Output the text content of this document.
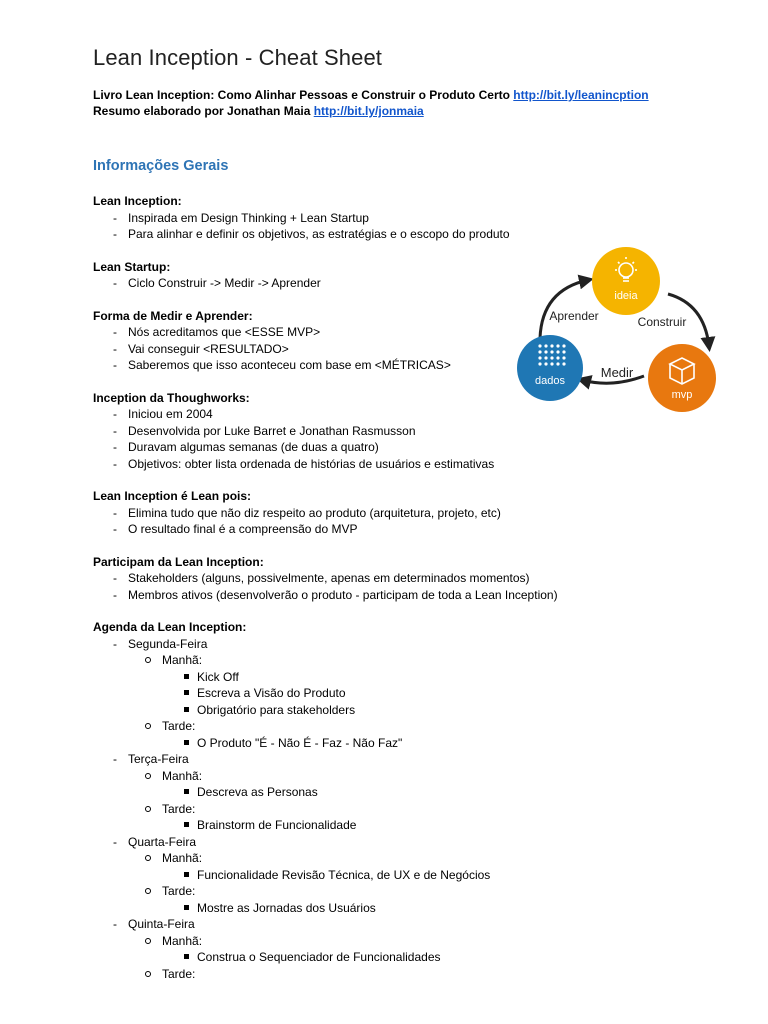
Lean Inception - Cheat Sheet
Livro Lean Inception: Como Alinhar Pessoas e Construir o Produto Certo http://bit.ly/leanincption
Resumo elaborado por Jonathan Maia http://bit.ly/jonmaia
Informações Gerais
Lean Inception:
- Inspirada em Design Thinking + Lean Startup
- Para alinhar e definir os objetivos, as estratégias e o escopo do produto
Lean Startup:
- Ciclo Construir -> Medir -> Aprender
Forma de Medir e Aprender:
- Nós acreditamos que <ESSE MVP>
- Vai conseguir <RESULTADO>
- Saberemos que isso aconteceu com base em <MÉTRICAS>
Inception da Thoughworks:
- Iniciou em 2004
- Desenvolvida por Luke Barret e Jonathan Rasmusson
- Duravam algumas semanas (de duas a quatro)
- Objetivos: obter lista ordenada de histórias de usuários e estimativas
Lean Inception é Lean pois:
- Elimina tudo que não diz respeito ao produto (arquitetura, projeto, etc)
- O resultado final é a compreensão do MVP
Participam da Lean Inception:
- Stakeholders (alguns, possivelmente, apenas em determinados momentos)
- Membros ativos (desenvolverão o produto - participam de toda a Lean Inception)
Agenda da Lean Inception:
- Segunda-Feira
Manhã:
Kick Off
Escreva a Visão do Produto
Obrigatório para stakeholders
Tarde:
O Produto "É - Não É - Faz - Não Faz"
- Terça-Feira
Manhã:
Descreva as Personas
Tarde:
Brainstorm de Funcionalidade
- Quarta-Feira
Manhã:
Funcionalidade Revisão Técnica, de UX e de Negócios
Tarde:
Mostre as Jornadas dos Usuários
- Quinta-Feira
Manhã:
Construa o Sequenciador de Funcionalidades
Tarde:
ideia
mvp
dados
Aprender	Construir
Medir
